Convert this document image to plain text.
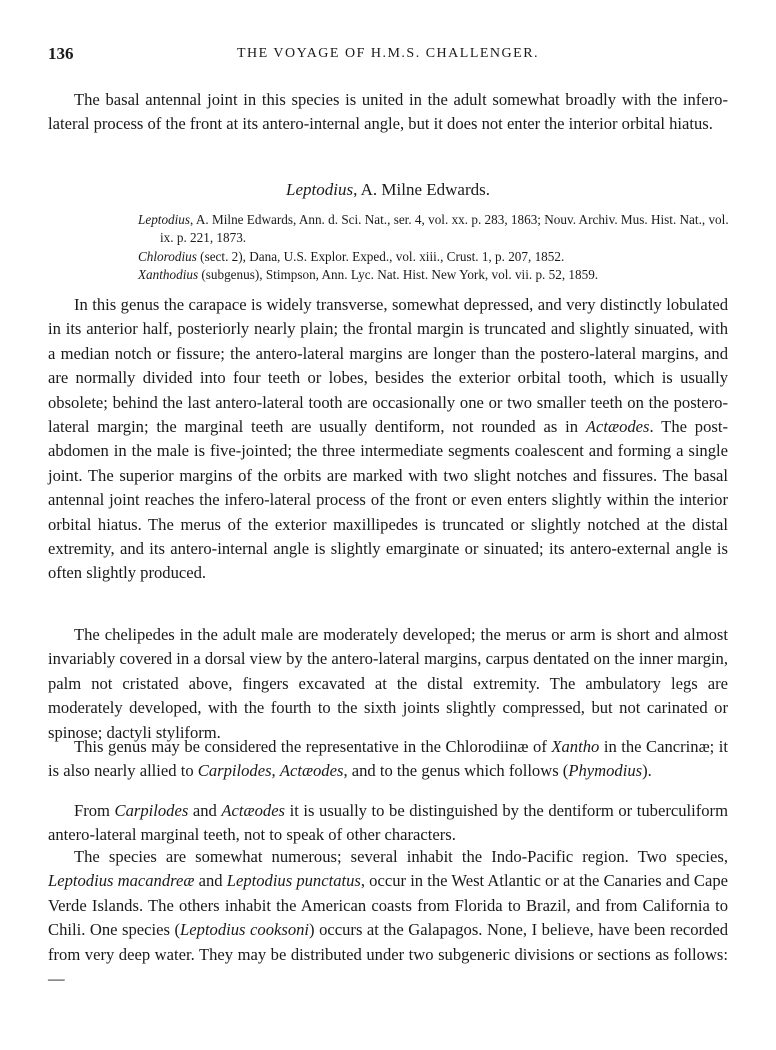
136	THE VOYAGE OF H.M.S. CHALLENGER.

The basal antennal joint in this species is united in the adult somewhat broadly with the infero-lateral process of the front at its antero-internal angle, but it does not enter the interior orbital hiatus.

Leptodius, A. Milne Edwards.
Leptodius, A. Milne Edwards, Ann. d. Sci. Nat., ser. 4, vol. xx. p. 283, 1863; Nouv. Archiv. Mus. Hist. Nat., vol. ix. p. 221, 1873.
Chlorodius (sect. 2), Dana, U.S. Explor. Exped., vol. xiii., Crust. 1, p. 207, 1852.
Xanthodius (subgenus), Stimpson, Ann. Lyc. Nat. Hist. New York, vol. vii. p. 52, 1859.

In this genus the carapace is widely transverse, somewhat depressed, and very distinctly lobulated in its anterior half, posteriorly nearly plain; the frontal margin is truncated and slightly sinuated, with a median notch or fissure; the antero-lateral margins are longer than the postero-lateral margins, and are normally divided into four teeth or lobes, besides the exterior orbital tooth, which is usually obsolete; behind the last antero-lateral tooth are occasionally one or two smaller teeth on the postero-lateral margin; the marginal teeth are usually dentiform, not rounded as in Actæodes. The post-abdomen in the male is five-jointed; the three intermediate segments coalescent and forming a single joint. The superior margins of the orbits are marked with two slight notches and fissures. The basal antennal joint reaches the infero-lateral process of the front or even enters slightly within the interior orbital hiatus. The merus of the exterior maxillipedes is truncated or slightly notched at the distal extremity, and its antero-internal angle is slightly emarginate or sinuated; its antero-external angle is often slightly produced.

The chelipedes in the adult male are moderately developed; the merus or arm is short and almost invariably covered in a dorsal view by the antero-lateral margins, carpus dentated on the inner margin, palm not cristated above, fingers excavated at the distal extremity. The ambulatory legs are moderately developed, with the fourth to the sixth joints slightly compressed, but not carinated or spinose; dactyli styliform.

This genus may be considered the representative in the Chlorodiinæ of Xantho in the Cancrinæ; it is also nearly allied to Carpilodes, Actæodes, and to the genus which follows (Phymodius).

From Carpilodes and Actæodes it is usually to be distinguished by the dentiform or tuberculiform antero-lateral marginal teeth, not to speak of other characters.

The species are somewhat numerous; several inhabit the Indo-Pacific region. Two species, Leptodius macandreæ and Leptodius punctatus, occur in the West Atlantic or at the Canaries and Cape Verde Islands. The others inhabit the American coasts from Florida to Brazil, and from California to Chili. One species (Leptodius cooksoni) occurs at the Galapagos. None, I believe, have been recorded from very deep water. They may be distributed under two subgeneric divisions or sections as follows:—
